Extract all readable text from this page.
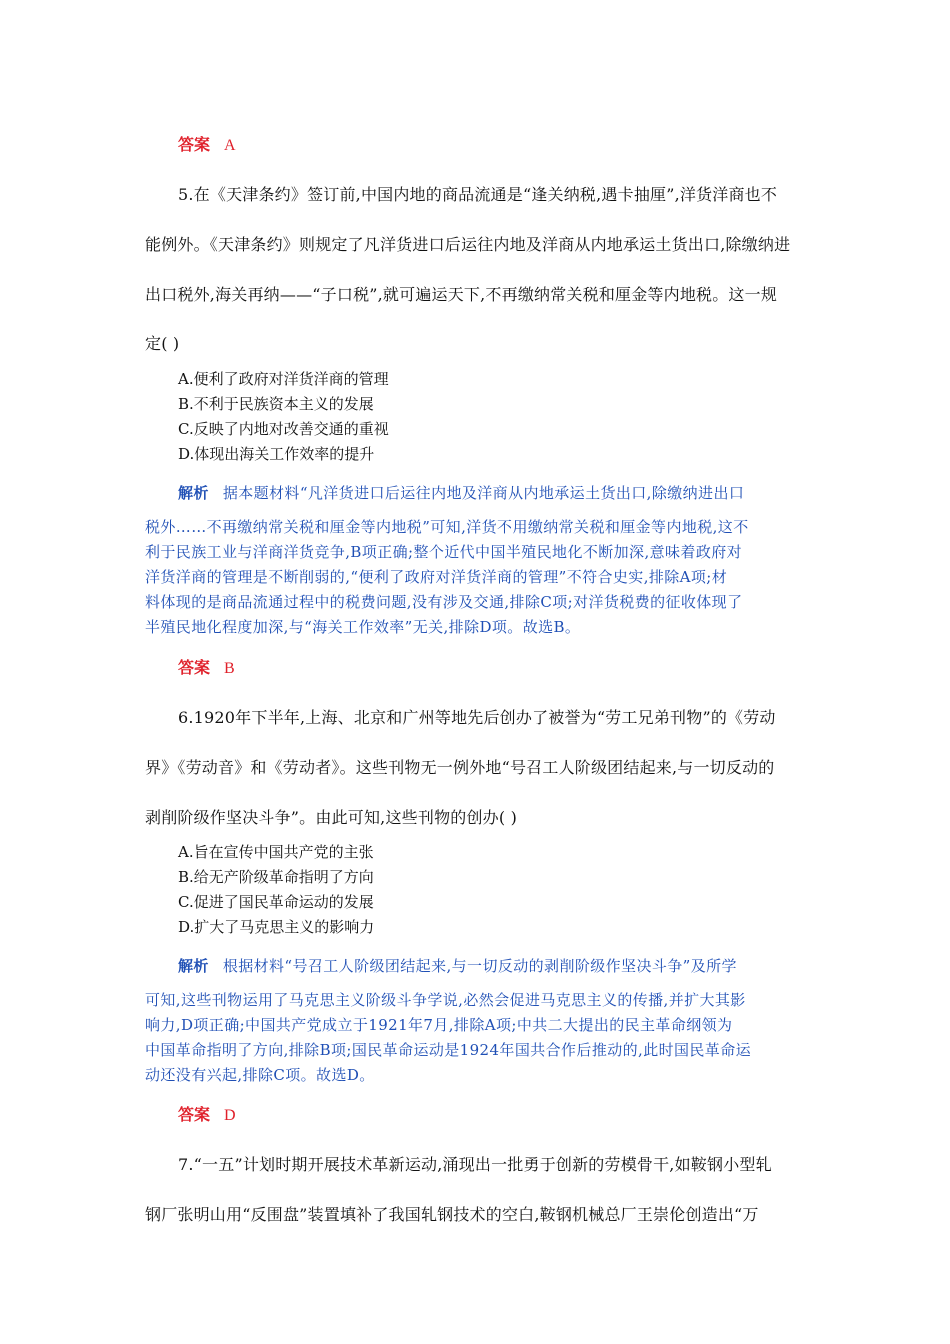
答案 A
5.在《天津条约》签订前,中国内地的商品流通是“逢关纳税,遇卡抽厘”,洋货洋商也不
能例外。《天津条约》则规定了凡洋货进口后运往内地及洋商从内地承运土货出口,除缴纳进
出口税外,海关再纳——“子口税”,就可遍运天下,不再缴纳常关税和厘金等内地税。这一规
定( )
A.便利了政府对洋货洋商的管理
B.不利于民族资本主义的发展
C.反映了内地对改善交通的重视
D.体现出海关工作效率的提升
解析 据本题材料“凡洋货进口后运往内地及洋商从内地承运土货出口,除缴纳进出口
税外……不再缴纳常关税和厘金等内地税”可知,洋货不用缴纳常关税和厘金等内地税,这不
利于民族工业与洋商洋货竞争,B项正确;整个近代中国半殖民地化不断加深,意味着政府对
洋货洋商的管理是不断削弱的,“便利了政府对洋货洋商的管理”不符合史实,排除A项;材
料体现的是商品流通过程中的税费问题,没有涉及交通,排除C项;对洋货税费的征收体现了
半殖民地化程度加深,与“海关工作效率”无关,排除D项。故选B。
答案 B
6.1920年下半年,上海、北京和广州等地先后创办了被誉为“劳工兄弟刊物”的《劳动
界》《劳动音》和《劳动者》。这些刊物无一例外地“号召工人阶级团结起来,与一切反动的
剥削阶级作坚决斗争”。由此可知,这些刊物的创办( )
A.旨在宣传中国共产党的主张
B.给无产阶级革命指明了方向
C.促进了国民革命运动的发展
D.扩大了马克思主义的影响力
解析 根据材料“号召工人阶级团结起来,与一切反动的剥削阶级作坚决斗争”及所学
可知,这些刊物运用了马克思主义阶级斗争学说,必然会促进马克思主义的传播,并扩大其影
响力,D项正确;中国共产党成立于1921年7月,排除A项;中共二大提出的民主革命纲领为
中国革命指明了方向,排除B项;国民革命运动是1924年国共合作后推动的,此时国民革命运
动还没有兴起,排除C项。故选D。
答案 D
7.“一五”计划时期开展技术革新运动,涌现出一批勇于创新的劳模骨干,如鞍钢小型轧
钢厂张明山用“反围盘”装置填补了我国轧钢技术的空白,鞍钢机械总厂王崇伦创造出“万
